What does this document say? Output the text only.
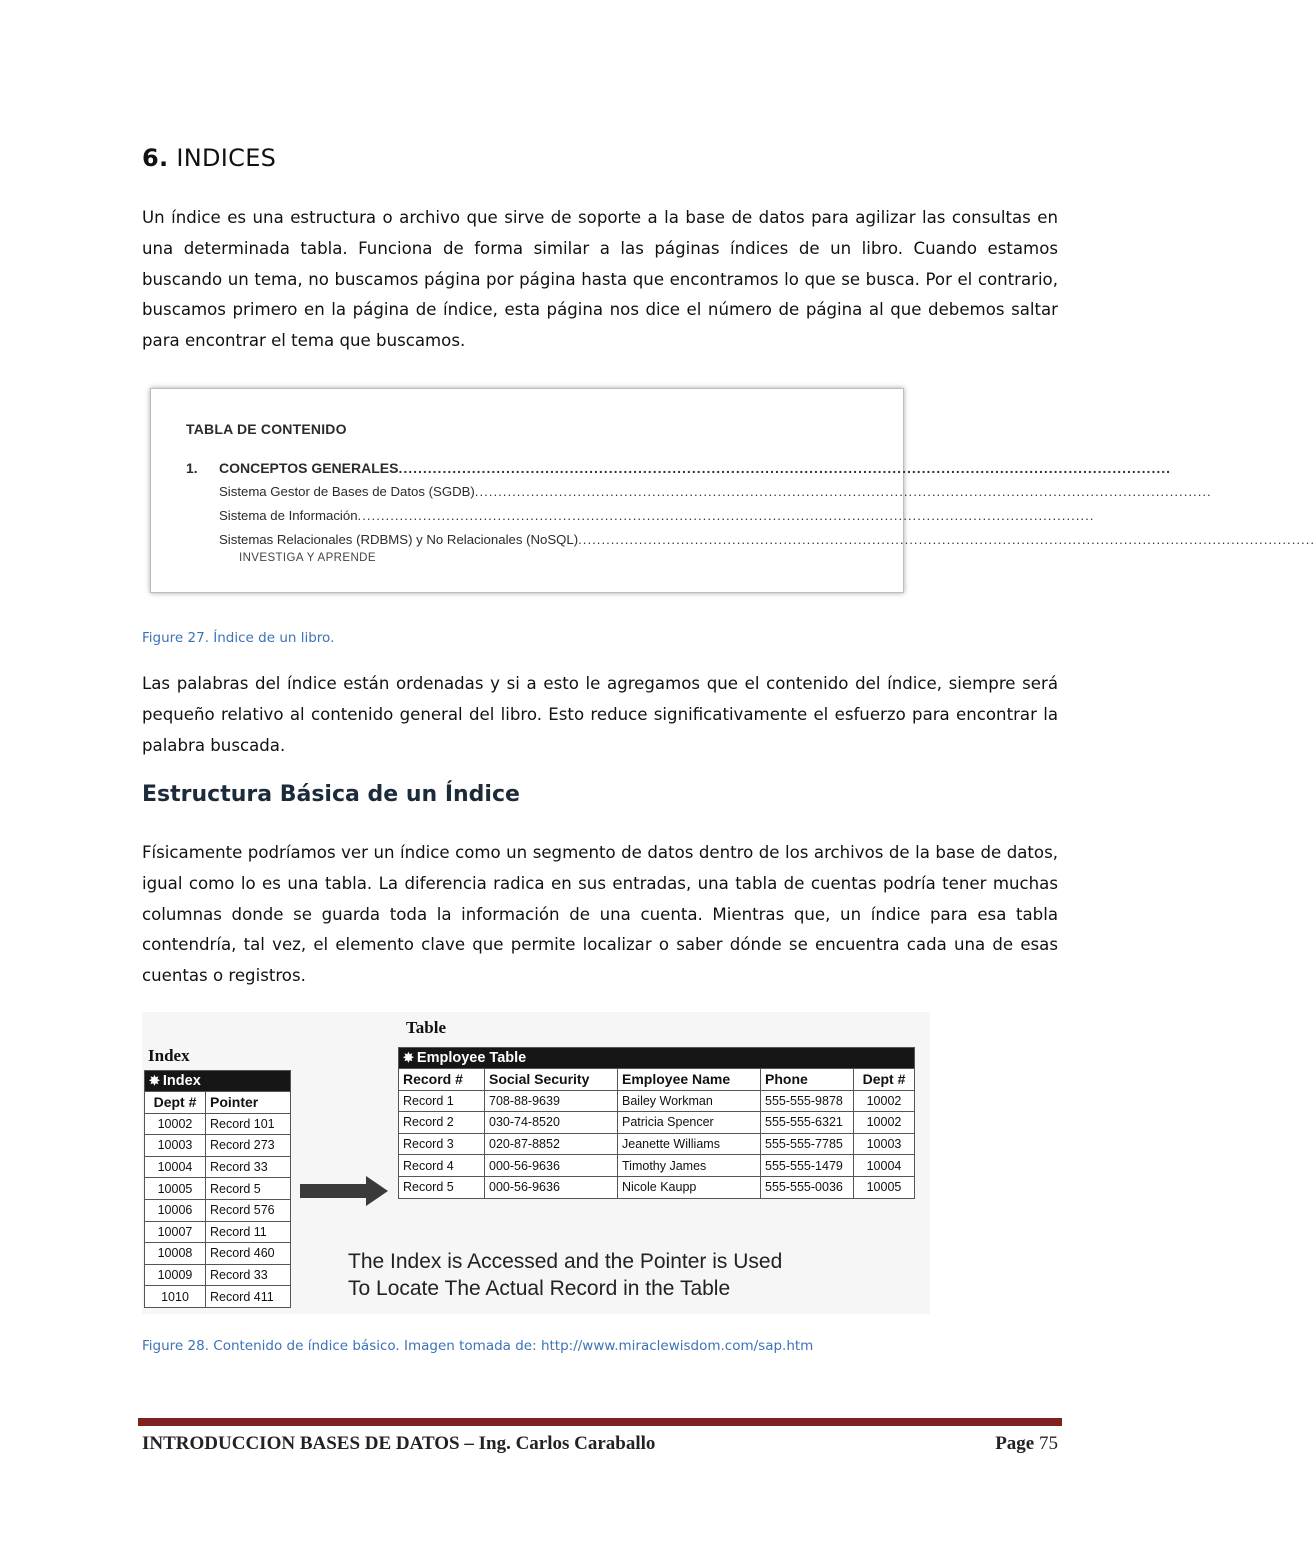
6. INDICES

Un índice es una estructura o archivo que sirve de soporte a la base de datos para agilizar las consultas en una determinada tabla. Funciona de forma similar a las páginas índices de un libro. Cuando estamos buscando un tema, no buscamos página por página hasta que encontramos lo que se busca. Por el contrario, buscamos primero en la página de índice, esta página nos dice el número de página al que debemos saltar para encontrar el tema que buscamos.

TABLA DE CONTENIDO
1. CONCEPTOS GENERALES ..............................................................................................................................................................
Sistema Gestor de Bases de Datos (SGDB) ..............................................................................................................................................................
Sistema de Información ..............................................................................................................................................................
Sistemas Relacionales (RDBMS) y No Relacionales (NoSQL) ..............................................................................................................................................................
INVESTIGA Y APRENDE

Figure 27. Índice de un libro.

Las palabras del índice están ordenadas y si a esto le agregamos que el contenido del índice, siempre será pequeño relativo al contenido general del libro. Esto reduce significativamente el esfuerzo para encontrar la palabra buscada.

Estructura Básica de un Índice

Físicamente podríamos ver un índice como un segmento de datos dentro de los archivos de la base de datos, igual como lo es una tabla. La diferencia radica en sus entradas, una tabla de cuentas podría tener muchas columnas donde se guarda toda la información de una cuenta. Mientras que, un índice para esa tabla contendría, tal vez, el elemento clave que permite localizar o saber dónde se encuentra cada una de esas cuentas o registros.

Table
Index
✸ Index	
Dept #	Pointer
10002	Record 101
10003	Record 273
10004	Record 33
10005	Record 5
10006	Record 576
10007	Record 11
10008	Record 460
10009	Record 33
1010	Record 411
✸ Employee Table				
Record #	Social Security	Employee Name	Phone	Dept #
Record 1	708-88-9639	Bailey Workman	555-555-9878	10002
Record 2	030-74-8520	Patricia Spencer	555-555-6321	10002
Record 3	020-87-8852	Jeanette Williams	555-555-7785	10003
Record 4	000-56-9636	Timothy James	555-555-1479	10004
Record 5	000-56-9636	Nicole Kaupp	555-555-0036	10005
The Index is Accessed and the Pointer is Used
To Locate The Actual Record in the Table

Figure 28. Contenido de índice básico. Imagen tomada de: http://www.miraclewisdom.com/sap.htm

INTRODUCCION BASES DE DATOS – Ing. Carlos Caraballo	Page 75
